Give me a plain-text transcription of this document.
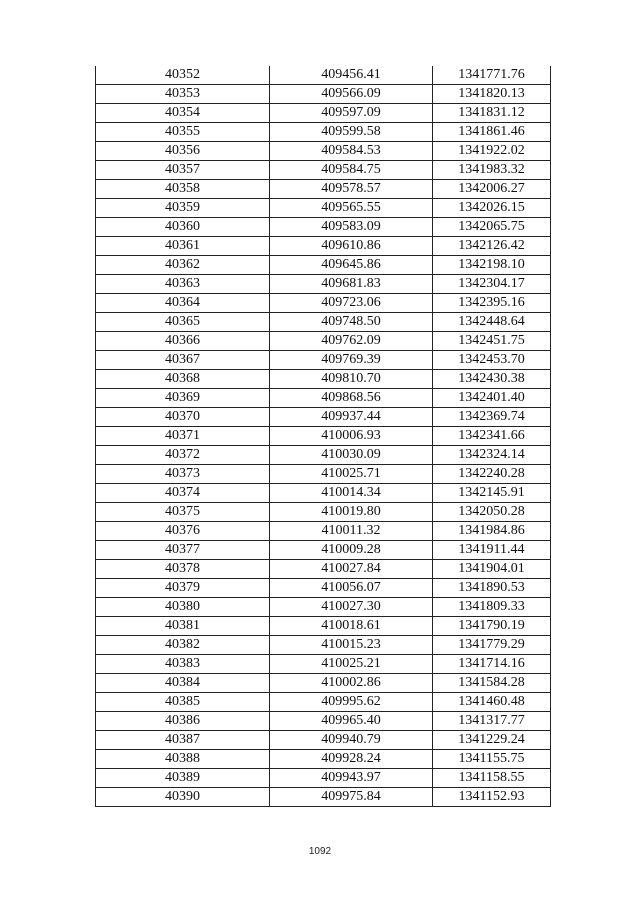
40352	409456.41	1341771.76
40353	409566.09	1341820.13
40354	409597.09	1341831.12
40355	409599.58	1341861.46
40356	409584.53	1341922.02
40357	409584.75	1341983.32
40358	409578.57	1342006.27
40359	409565.55	1342026.15
40360	409583.09	1342065.75
40361	409610.86	1342126.42
40362	409645.86	1342198.10
40363	409681.83	1342304.17
40364	409723.06	1342395.16
40365	409748.50	1342448.64
40366	409762.09	1342451.75
40367	409769.39	1342453.70
40368	409810.70	1342430.38
40369	409868.56	1342401.40
40370	409937.44	1342369.74
40371	410006.93	1342341.66
40372	410030.09	1342324.14
40373	410025.71	1342240.28
40374	410014.34	1342145.91
40375	410019.80	1342050.28
40376	410011.32	1341984.86
40377	410009.28	1341911.44
40378	410027.84	1341904.01
40379	410056.07	1341890.53
40380	410027.30	1341809.33
40381	410018.61	1341790.19
40382	410015.23	1341779.29
40383	410025.21	1341714.16
40384	410002.86	1341584.28
40385	409995.62	1341460.48
40386	409965.40	1341317.77
40387	409940.79	1341229.24
40388	409928.24	1341155.75
40389	409943.97	1341158.55
40390	409975.84	1341152.93
1092
